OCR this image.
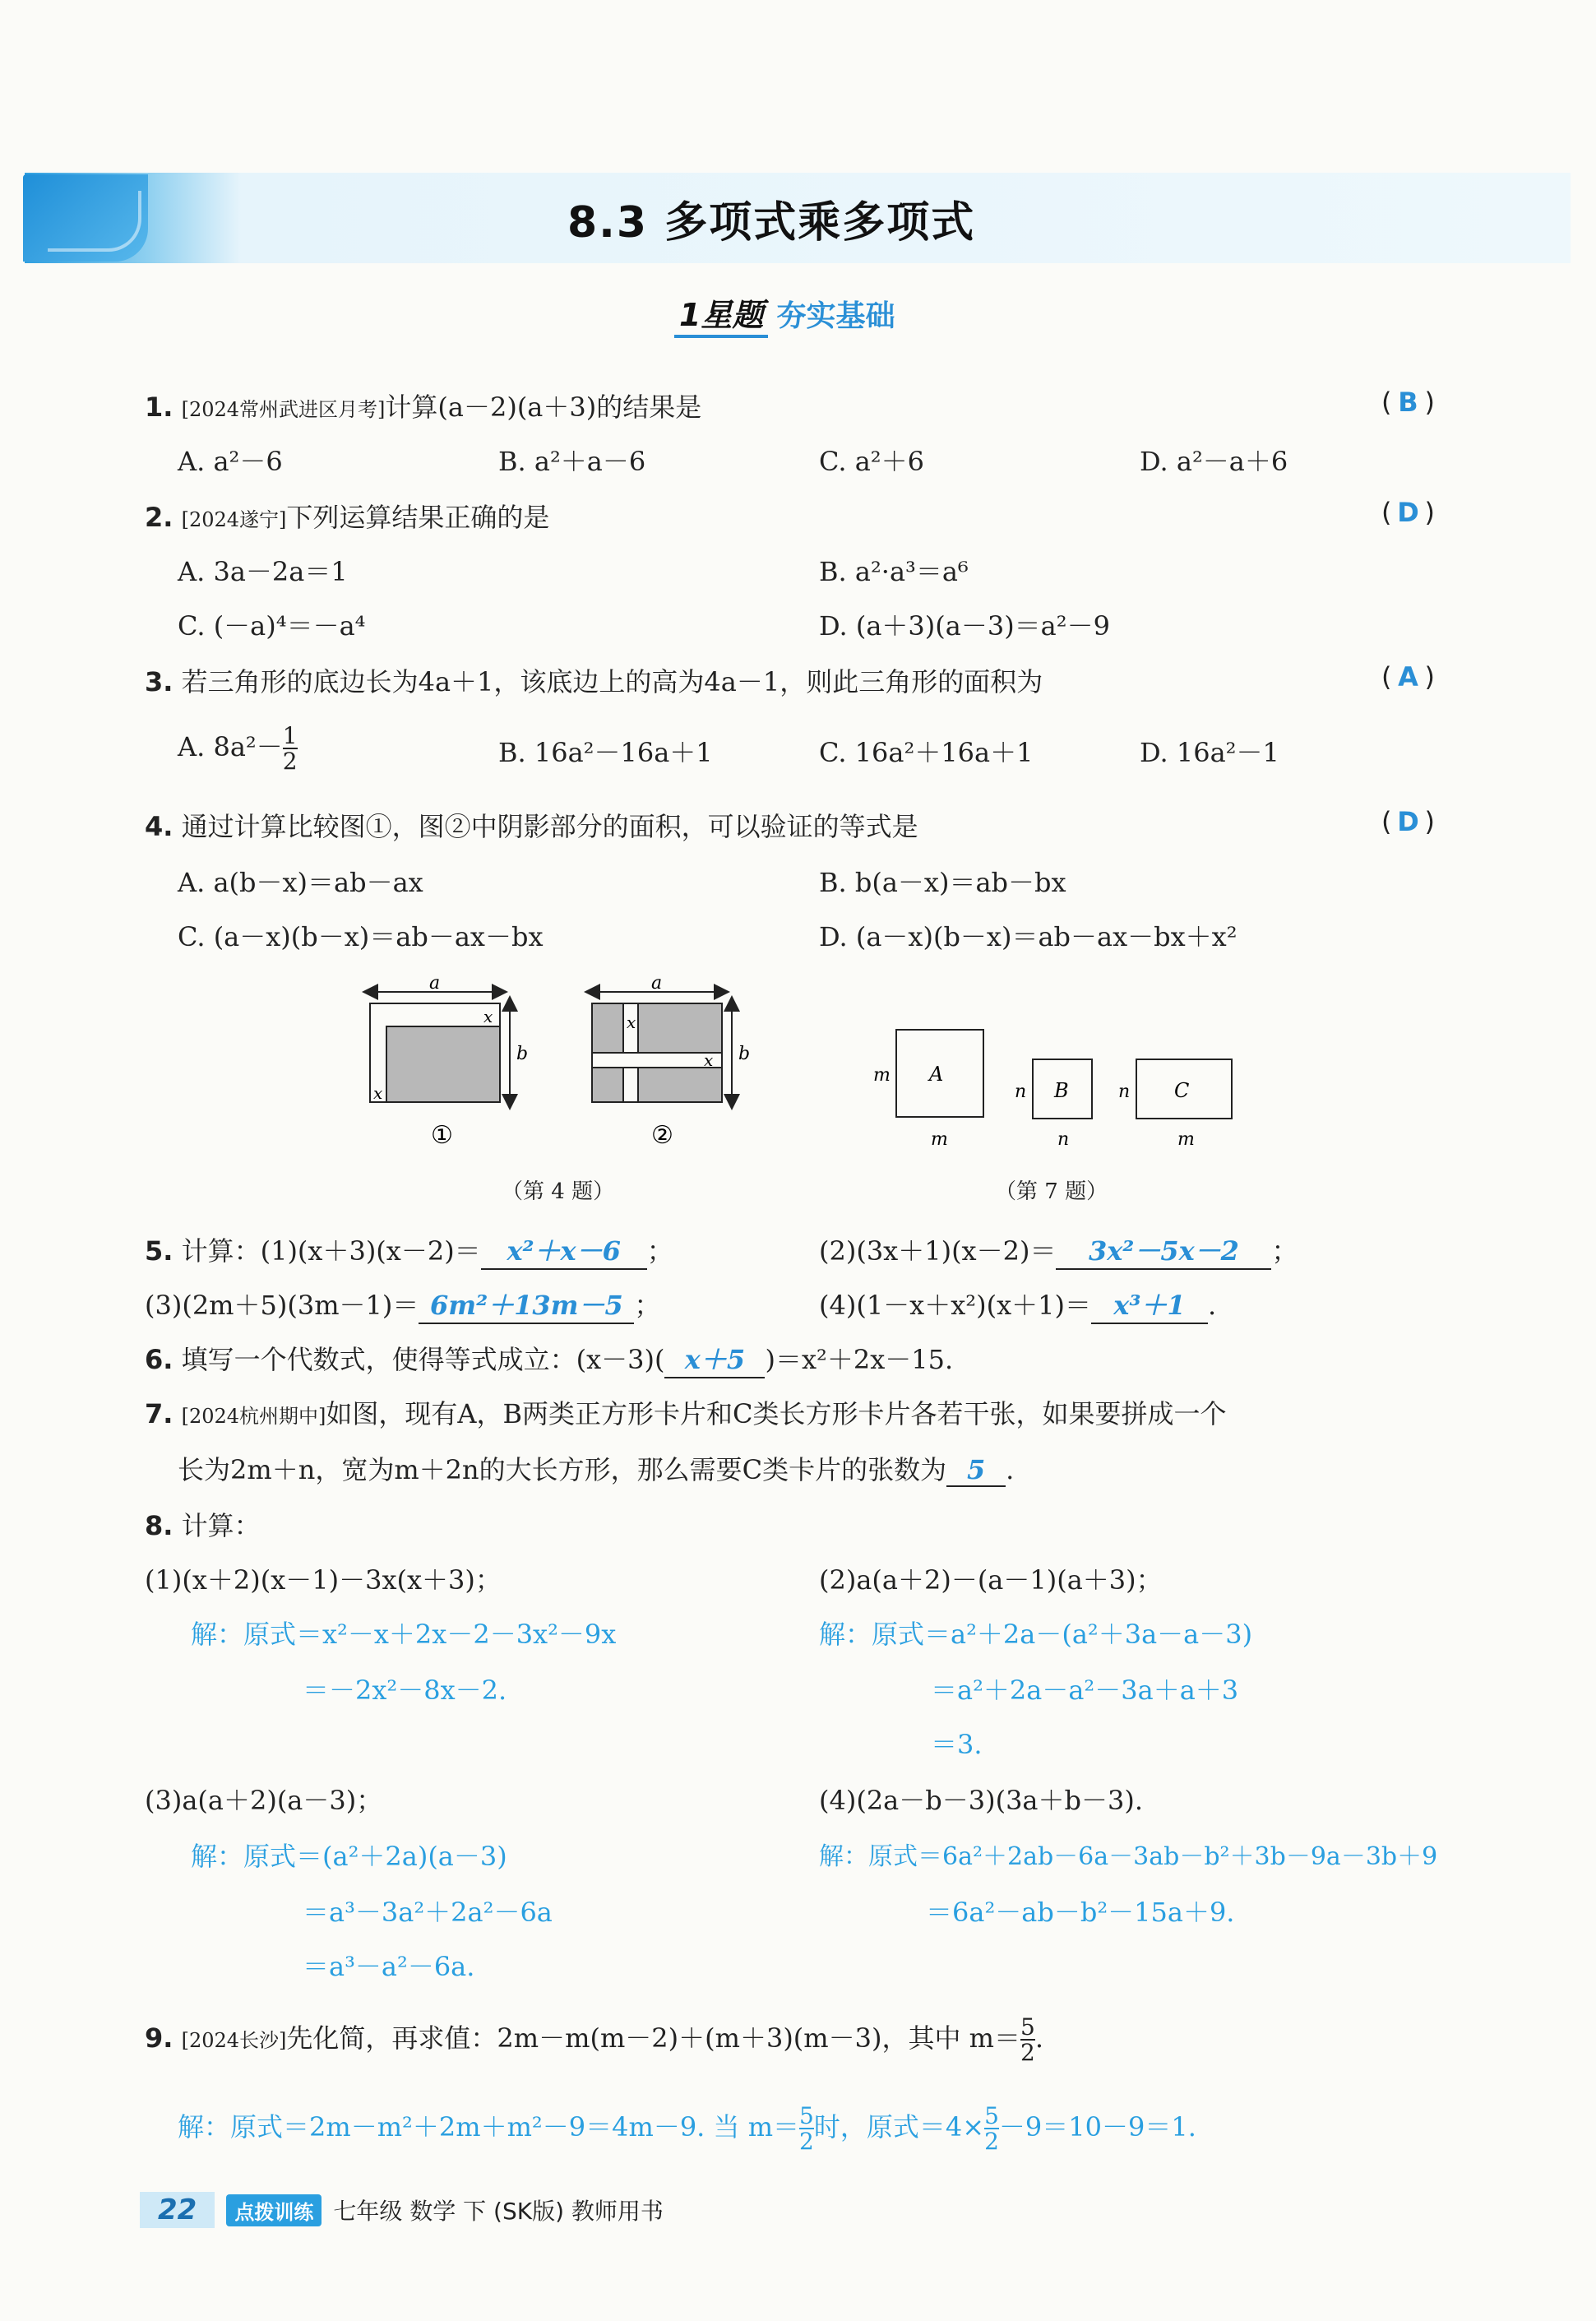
8.3 多项式乘多项式
1星题 夯实基础
1. [2024常州武进区月考]计算(a－2)(a＋3)的结果是	( B )
A. a²－6	B. a²＋a－6	C. a²＋6	D. a²－a＋6
2. [2024遂宁]下列运算结果正确的是	( D )
A. 3a－2a＝1	B. a²·a³＝a⁶
C. (－a)⁴＝－a⁴	D. (a＋3)(a－3)＝a²－9
3. 若三角形的底边长为4a＋1，该底边上的高为4a－1，则此三角形的面积为	( A )
A. $8a^2- \frac{1}{2}$	B. 16a²－16a＋1	C. 16a²＋16a＋1	D. 16a²－1
4. 通过计算比较图①，图②中阴影部分的面积，可以验证的等式是	( D )
A. a(b－x)＝ab－ax	B. b(a－x)＝ab－bx
C. (a－x)(b－x)＝ab－ax－bx	D. (a－x)(b－x)＝ab－ax－bx＋x²
a
b
x
x
①
a
b
x
x
②
A
m
m
B
n
n
C
n
m
（第 4 题）	（第 7 题）
5. 计算：(1)(x＋3)(x－2)＝ x²＋x－6 ；	(2)(3x＋1)(x－2)＝ 3x²－5x－2 ；
(3)(2m＋5)(3m－1)＝ 6m²＋13m－5 ；	(4)(1－x＋x²)(x＋1)＝ x³＋1 .
6. 填写一个代数式，使得等式成立：(x－3)( x＋5 )＝x²＋2x－15.
7. [2024杭州期中]如图，现有A，B两类正方形卡片和C类长方形卡片各若干张，如果要拼成一个
长为2m＋n，宽为m＋2n的大长方形，那么需要C类卡片的张数为 5 .
8. 计算：
(1)(x＋2)(x－1)－3x(x＋3)；	(2)a(a＋2)－(a－1)(a＋3)；
解：原式＝x²－x＋2x－2－3x²－9x
＝－2x²－8x－2.
解：原式＝a²＋2a－(a²＋3a－a－3)
＝a²＋2a－a²－3a＋a＋3
＝3.
(3)a(a＋2)(a－3)；	(4)(2a－b－3)(3a＋b－3).
解：原式＝(a²＋2a)(a－3)
＝a³－3a²＋2a²－6a
＝a³－a²－6a.
解：原式＝6a²＋2ab－6a－3ab－b²＋3b－9a－3b＋9
＝6a²－ab－b²－15a＋9.
9. [2024长沙]先化简，再求值：2m－m(m－2)＋(m＋3)(m－3)，其中 $m= \frac{5}{2}$ .
解：原式＝2m－m²＋2m＋m²－9＝4m－9. 当 $m= \frac{5}{2}$ 时，原式$=4\times \frac{5}{2} -9=10-9=1$.
22	点拨训练 七年级 数学 下 (SK版) 教师用书
